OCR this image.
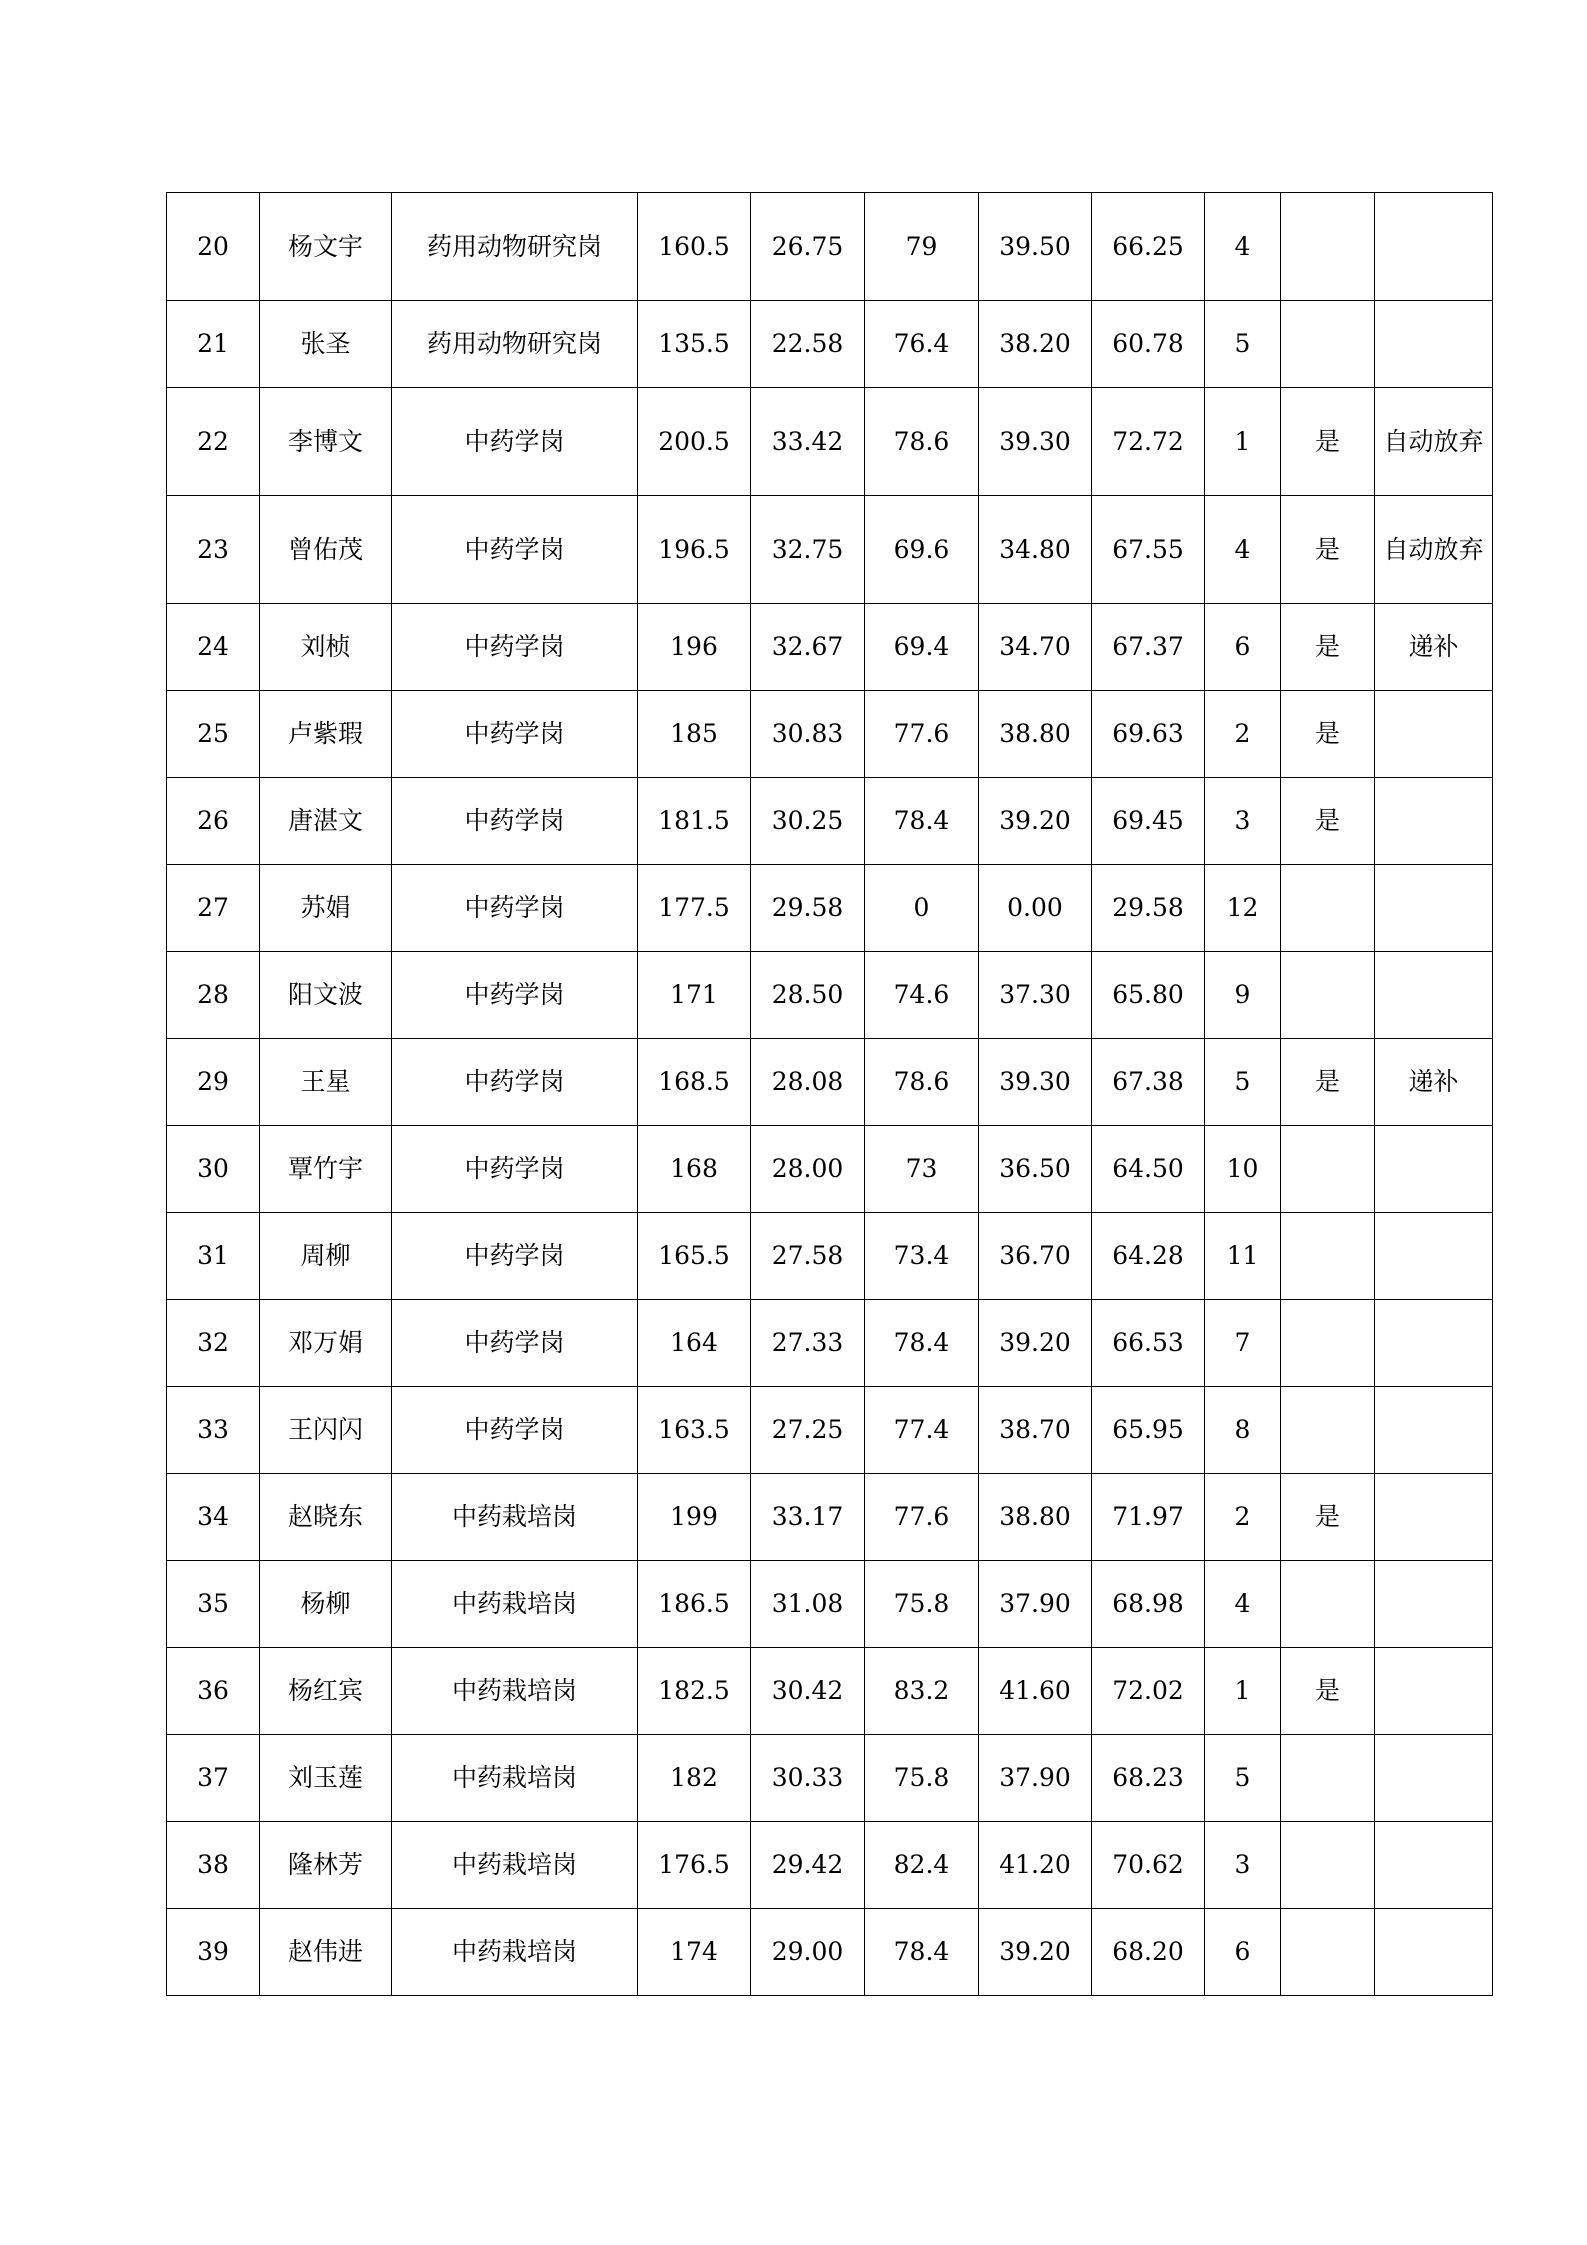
20	杨文宇	药用动物研究岗	160.5	26.75	79	39.50	66.25	4		
21	张圣	药用动物研究岗	135.5	22.58	76.4	38.20	60.78	5		
22	李博文	中药学岗	200.5	33.42	78.6	39.30	72.72	1	是	自动放弃
23	曾佑茂	中药学岗	196.5	32.75	69.6	34.80	67.55	4	是	自动放弃
24	刘桢	中药学岗	196	32.67	69.4	34.70	67.37	6	是	递补
25	卢紫瑕	中药学岗	185	30.83	77.6	38.80	69.63	2	是	
26	唐湛文	中药学岗	181.5	30.25	78.4	39.20	69.45	3	是	
27	苏娟	中药学岗	177.5	29.58	0	0.00	29.58	12		
28	阳文波	中药学岗	171	28.50	74.6	37.30	65.80	9		
29	王星	中药学岗	168.5	28.08	78.6	39.30	67.38	5	是	递补
30	覃竹宇	中药学岗	168	28.00	73	36.50	64.50	10		
31	周柳	中药学岗	165.5	27.58	73.4	36.70	64.28	11		
32	邓万娟	中药学岗	164	27.33	78.4	39.20	66.53	7		
33	王闪闪	中药学岗	163.5	27.25	77.4	38.70	65.95	8		
34	赵晓东	中药栽培岗	199	33.17	77.6	38.80	71.97	2	是	
35	杨柳	中药栽培岗	186.5	31.08	75.8	37.90	68.98	4		
36	杨红宾	中药栽培岗	182.5	30.42	83.2	41.60	72.02	1	是	
37	刘玉莲	中药栽培岗	182	30.33	75.8	37.90	68.23	5		
38	隆林芳	中药栽培岗	176.5	29.42	82.4	41.20	70.62	3		
39	赵伟进	中药栽培岗	174	29.00	78.4	39.20	68.20	6		
